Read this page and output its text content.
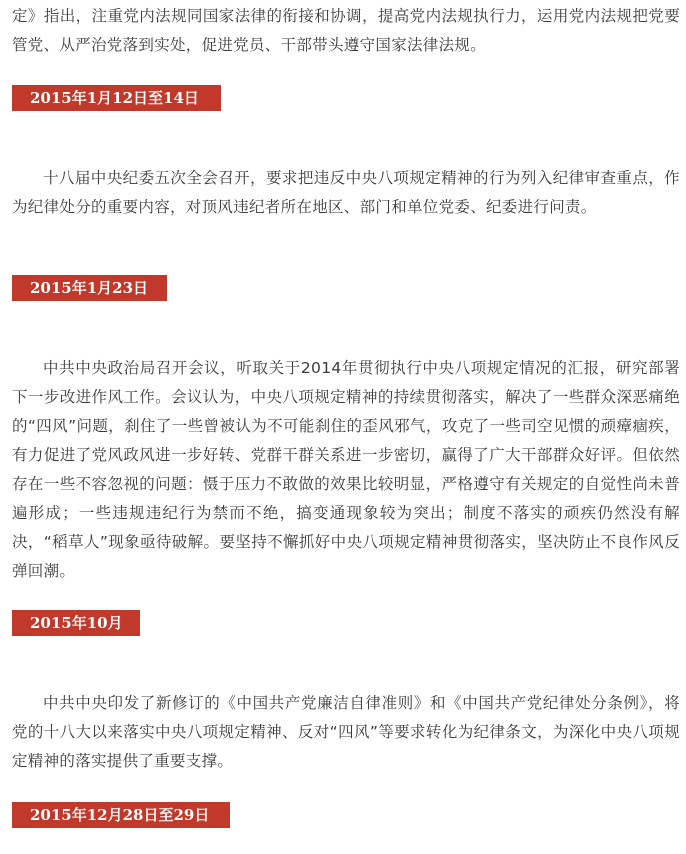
定》指出，注重党内法规同国家法律的衔接和协调，提高党内法规执行力，运用党内法规把党要管党、从严治党落到实处，促进党员、干部带头遵守国家法律法规。

2015年1月12日至14日

十八届中央纪委五次全会召开，要求把违反中央八项规定精神的行为列入纪律审查重点，作为纪律处分的重要内容，对顶风违纪者所在地区、部门和单位党委、纪委进行问责。

2015年1月23日

中共中央政治局召开会议，听取关于2014年贯彻执行中央八项规定情况的汇报，研究部署下一步改进作风工作。会议认为，中央八项规定精神的持续贯彻落实，解决了一些群众深恶痛绝的“四风”问题，刹住了一些曾被认为不可能刹住的歪风邪气，攻克了一些司空见惯的顽瘴痼疾，有力促进了党风政风进一步好转、党群干群关系进一步密切，赢得了广大干部群众好评。但依然存在一些不容忽视的问题：慑于压力不敢做的效果比较明显，严格遵守有关规定的自觉性尚未普遍形成；一些违规违纪行为禁而不绝，搞变通现象较为突出；制度不落实的顽疾仍然没有解决，“稻草人”现象亟待破解。要坚持不懈抓好中央八项规定精神贯彻落实，坚决防止不良作风反弹回潮。

2015年10月

中共中央印发了新修订的《中国共产党廉洁自律准则》和《中国共产党纪律处分条例》，将党的十八大以来落实中央八项规定精神、反对“四风”等要求转化为纪律条文，为深化中央八项规定精神的落实提供了重要支撑。

2015年12月28日至29日
